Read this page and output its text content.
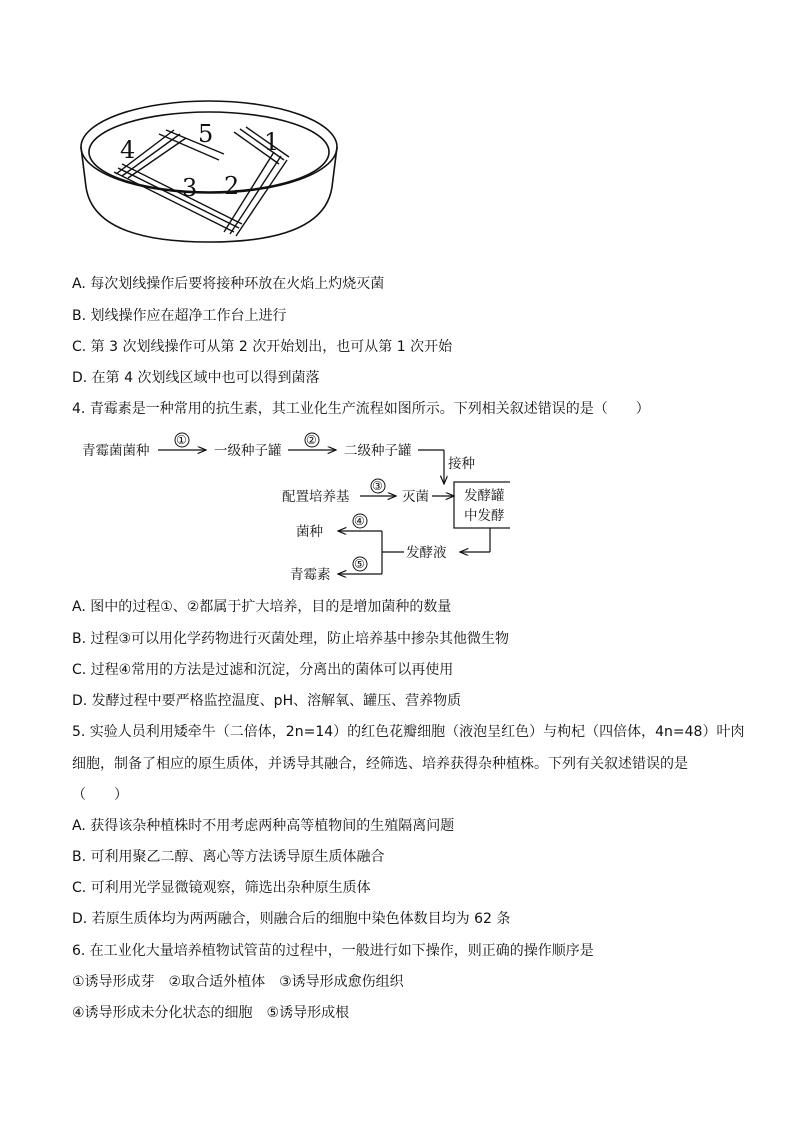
1
2
3
4
5
A. 每次划线操作后要将接种环放在火焰上灼烧灭菌
B. 划线操作应在超净工作台上进行
C. 第 3 次划线操作可从第 2 次开始划出，也可从第 1 次开始
D. 在第 4 次划线区域中也可以得到菌落
4. 青霉素是一种常用的抗生素，其工业化生产流程如图所示。下列相关叙述错误的是（　　）
①	②
③
④
⑤
青霉菌菌种	一级种子罐	二级种子罐
接种
配置培养基	灭菌	发酵罐
中发酵
发酵液
菌种
青霉素
A. 图中的过程①、②都属于扩大培养，目的是增加菌种的数量
B. 过程③可以用化学药物进行灭菌处理，防止培养基中掺杂其他微生物
C. 过程④常用的方法是过滤和沉淀，分离出的菌体可以再使用
D. 发酵过程中要严格监控温度、pH、溶解氧、罐压、营养物质
5. 实验人员利用矮牵牛（二倍体，2n=14）的红色花瓣细胞（液泡呈红色）与枸杞（四倍体，4n=48）叶肉
细胞，制备了相应的原生质体，并诱导其融合，经筛选、培养获得杂种植株。下列有关叙述错误的是
（　　）
A. 获得该杂种植株时不用考虑两种高等植物间的生殖隔离问题
B. 可利用聚乙二醇、离心等方法诱导原生质体融合
C. 可利用光学显微镜观察，筛选出杂种原生质体
D. 若原生质体均为两两融合，则融合后的细胞中染色体数目均为 62 条
6. 在工业化大量培养植物试管苗的过程中，一般进行如下操作，则正确的操作顺序是
①诱导形成芽　②取合适外植体　③诱导形成愈伤组织
④诱导形成未分化状态的细胞　⑤诱导形成根
